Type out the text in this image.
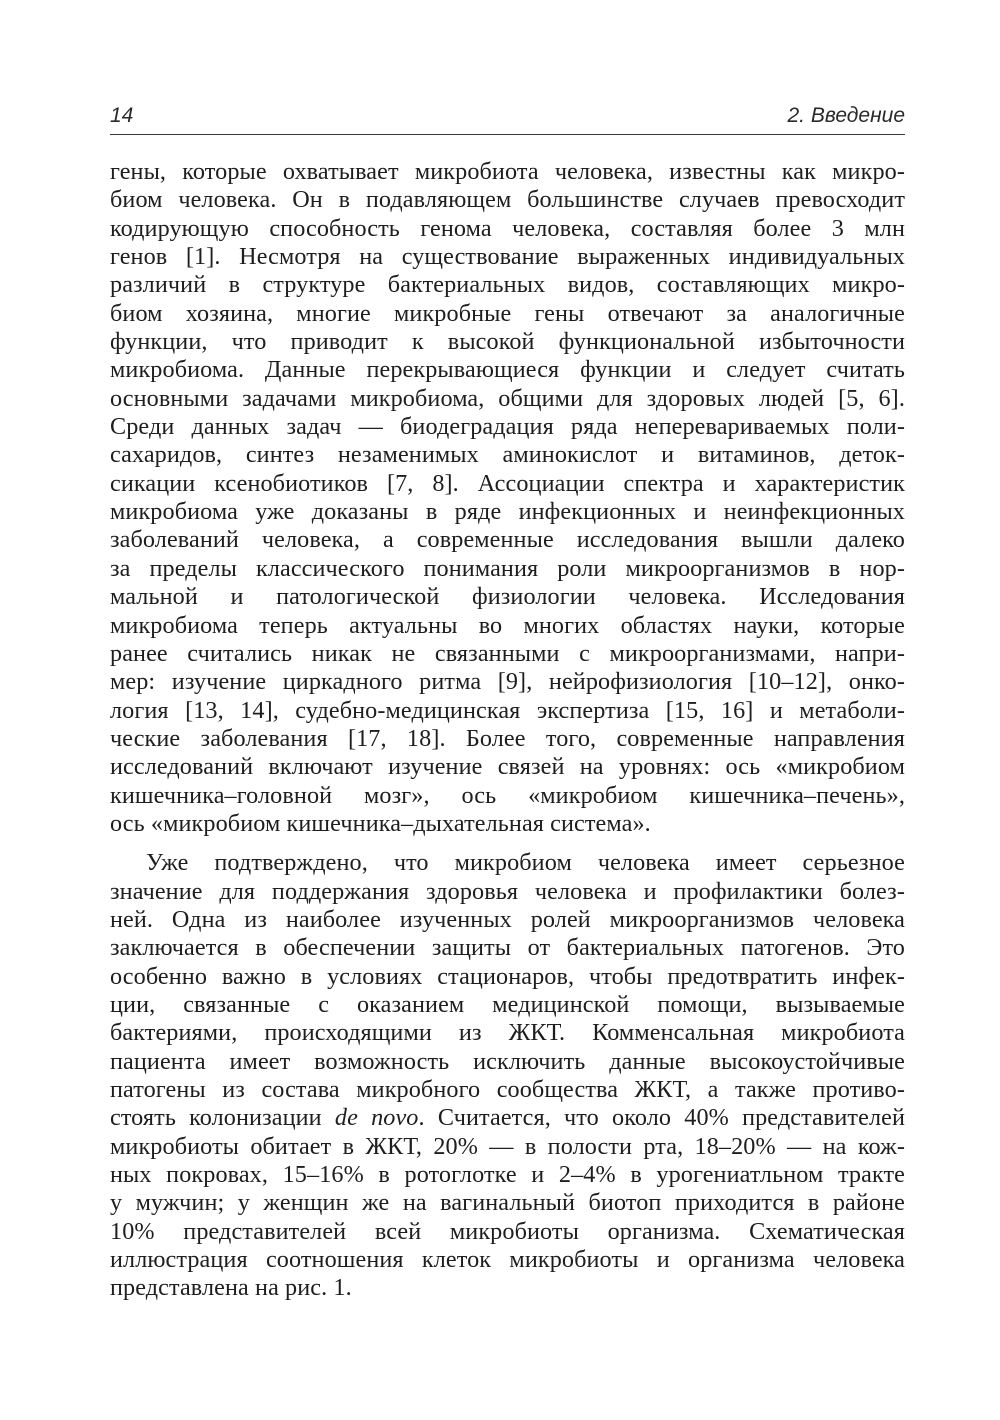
14	2. Введение
гены, которые охватывает микробиота человека, известны как микро-
биом человека. Он в подавляющем большинстве случаев превосходит
кодирующую способность генома человека, составляя более 3 млн
генов [1]. Несмотря на существование выраженных индивидуальных
различий в структуре бактериальных видов, составляющих микро-
биом хозяина, многие микробные гены отвечают за аналогичные
функции, что приводит к высокой функциональной избыточности
микробиома. Данные перекрывающиеся функции и следует считать
основными задачами микробиома, общими для здоровых людей [5, 6].
Среди данных задач — биодеградация ряда неперевариваемых поли-
сахаридов, синтез незаменимых аминокислот и витаминов, деток-
сикации ксенобиотиков [7, 8]. Ассоциации спектра и характеристик
микробиома уже доказаны в ряде инфекционных и неинфекционных
заболеваний человека, а современные исследования вышли далеко
за пределы классического понимания роли микроорганизмов в нор-
мальной и патологической физиологии человека. Исследования
микробиома теперь актуальны во многих областях науки, которые
ранее считались никак не связанными с микроорганизмами, напри-
мер: изучение циркадного ритма [9], нейрофизиология [10–12], онко-
логия [13, 14], судебно-медицинская экспертиза [15, 16] и метаболи-
ческие заболевания [17, 18]. Более того, современные направления
исследований включают изучение связей на уровнях: ось «микробиом
кишечника–головной мозг», ось «микробиом кишечника–печень»,
ось «микробиом кишечника–дыхательная система».
Уже подтверждено, что микробиом человека имеет серьезное
значение для поддержания здоровья человека и профилактики болез-
ней. Одна из наиболее изученных ролей микроорганизмов человека
заключается в обеспечении защиты от бактериальных патогенов. Это
особенно важно в условиях стационаров, чтобы предотвратить инфек-
ции, связанные с оказанием медицинской помощи, вызываемые
бактериями, происходящими из ЖКТ. Комменсальная микробиота
пациента имеет возможность исключить данные высокоустойчивые
патогены из состава микробного сообщества ЖКТ, а также противо-
стоять колонизации de novo. Считается, что около 40% представителей
микробиоты обитает в ЖКТ, 20% — в полости рта, 18–20% — на кож-
ных покровах, 15–16% в ротоглотке и 2–4% в урогениатльном тракте
у мужчин; у женщин же на вагинальный биотоп приходится в районе
10% представителей всей микробиоты организма. Схематическая
иллюстрация соотношения клеток микробиоты и организма человека
представлена на рис. 1.
